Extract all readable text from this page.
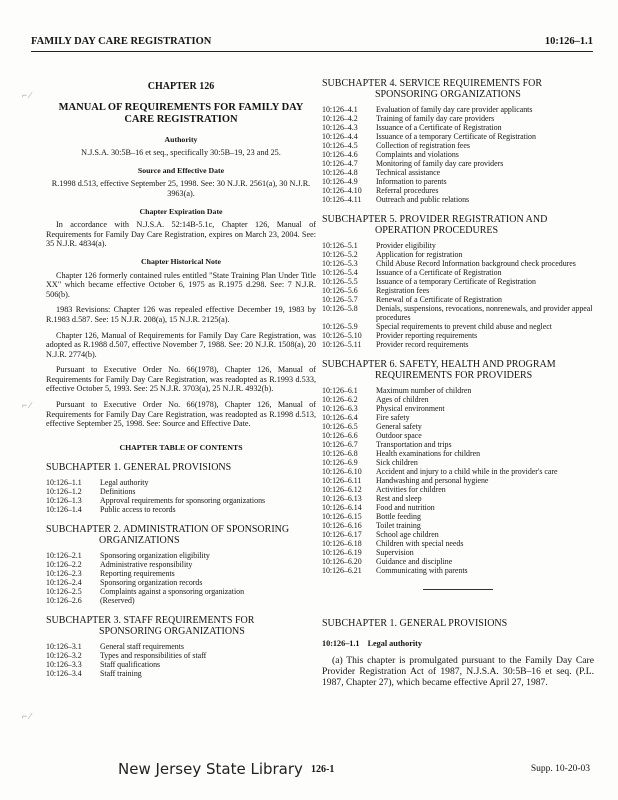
FAMILY DAY CARE REGISTRATION	10:126–1.1
⌐ ∕
⌐ ∕
⌐ ∕
CHAPTER 126
MANUAL OF REQUIREMENTS FOR FAMILY DAY CARE REGISTRATION
Authority

N.J.S.A. 30:5B–16 et seq., specifically 30:5B–19, 23 and 25.

Source and Effective Date

R.1998 d.513, effective September 25, 1998. See: 30 N.J.R. 2561(a), 30 N.J.R. 3963(a).

Chapter Expiration Date

In accordance with N.J.S.A. 52:14B-5.1c, Chapter 126, Manual of Requirements for Family Day Care Registration, expires on March 23, 2004. See: 35 N.J.R. 4834(a).

Chapter Historical Note

Chapter 126 formerly contained rules entitled "State Training Plan Under Title XX" which became effective October 6, 1975 as R.1975 d.298. See: 7 N.J.R. 506(b).

1983 Revisions: Chapter 126 was repealed effective December 19, 1983 by R.1983 d.587. See: 15 N.J.R. 208(a), 15 N.J.R. 2125(a).

Chapter 126, Manual of Requirements for Family Day Care Registration, was adopted as R.1988 d.507, effective November 7, 1988. See: 20 N.J.R. 1508(a), 20 N.J.R. 2774(b).

Pursuant to Executive Order No. 66(1978), Chapter 126, Manual of Requirements for Family Day Care Registration, was readopted as R.1993 d.533, effective October 5, 1993. See: 25 N.J.R. 3703(a), 25 N.J.R. 4932(b).

Pursuant to Executive Order No. 66(1978), Chapter 126, Manual of Requirements for Family Day Care Registration, was readopted as R.1998 d.513, effective September 25, 1998. See: Source and Effective Date.

CHAPTER TABLE OF CONTENTS
SUBCHAPTER 1. GENERAL PROVISIONS
10:126–1.1	Legal authority
10:126–1.2	Definitions
10:126–1.3	Approval requirements for sponsoring organizations
10:126–1.4	Public access to records
SUBCHAPTER 2. ADMINISTRATION OF SPONSORING ORGANIZATIONS
10:126–2.1	Sponsoring organization eligibility
10:126–2.2	Administrative responsibility
10:126–2.3	Reporting requirements
10:126–2.4	Sponsoring organization records
10:126–2.5	Complaints against a sponsoring organization
10:126–2.6	(Reserved)
SUBCHAPTER 3. STAFF REQUIREMENTS FOR SPONSORING ORGANIZATIONS
10:126–3.1	General staff requirements
10:126–3.2	Types and responsibilities of staff
10:126–3.3	Staff qualifications
10:126–3.4	Staff training
SUBCHAPTER 4. SERVICE REQUIREMENTS FOR SPONSORING ORGANIZATIONS
10:126–4.1	Evaluation of family day care provider applicants
10:126–4.2	Training of family day care providers
10:126–4.3	Issuance of a Certificate of Registration
10:126–4.4	Issuance of a temporary Certificate of Registration
10:126–4.5	Collection of registration fees
10:126–4.6	Complaints and violations
10:126–4.7	Monitoring of family day care providers
10:126–4.8	Technical assistance
10:126–4.9	Information to parents
10:126–4.10	Referral procedures
10:126–4.11	Outreach and public relations
SUBCHAPTER 5. PROVIDER REGISTRATION AND OPERATION PROCEDURES
10:126–5.1	Provider eligibility
10:126–5.2	Application for registration
10:126–5.3	Child Abuse Record Information background check procedures
10:126–5.4	Issuance of a Certificate of Registration
10:126–5.5	Issuance of a temporary Certificate of Registration
10:126–5.6	Registration fees
10:126–5.7	Renewal of a Certificate of Registration
10:126–5.8	Denials, suspensions, revocations, nonrenewals, and provider appeal procedures
10:126–5.9	Special requirements to prevent child abuse and neglect
10:126–5.10	Provider reporting requirements
10:126–5.11	Provider record requirements
SUBCHAPTER 6. SAFETY, HEALTH AND PROGRAM REQUIREMENTS FOR PROVIDERS
10:126–6.1	Maximum number of children
10:126–6.2	Ages of children
10:126–6.3	Physical environment
10:126–6.4	Fire safety
10:126–6.5	General safety
10:126–6.6	Outdoor space
10:126–6.7	Transportation and trips
10:126–6.8	Health examinations for children
10:126–6.9	Sick children
10:126–6.10	Accident and injury to a child while in the provider's care
10:126–6.11	Handwashing and personal hygiene
10:126–6.12	Activities for children
10:126–6.13	Rest and sleep
10:126–6.14	Food and nutrition
10:126–6.15	Bottle feeding
10:126–6.16	Toilet training
10:126–6.17	School age children
10:126–6.18	Children with special needs
10:126–6.19	Supervision
10:126–6.20	Guidance and discipline
10:126–6.21	Communicating with parents
SUBCHAPTER 1. GENERAL PROVISIONS

10:126–1.1 Legal authority

(a) This chapter is promulgated pursuant to the Family Day Care Provider Registration Act of 1987, N.J.S.A. 30:5B–16 et seq. (P.L. 1987, Chapter 27), which became effective April 27, 1987.

New Jersey State Library 126-1	Supp. 10-20-03
